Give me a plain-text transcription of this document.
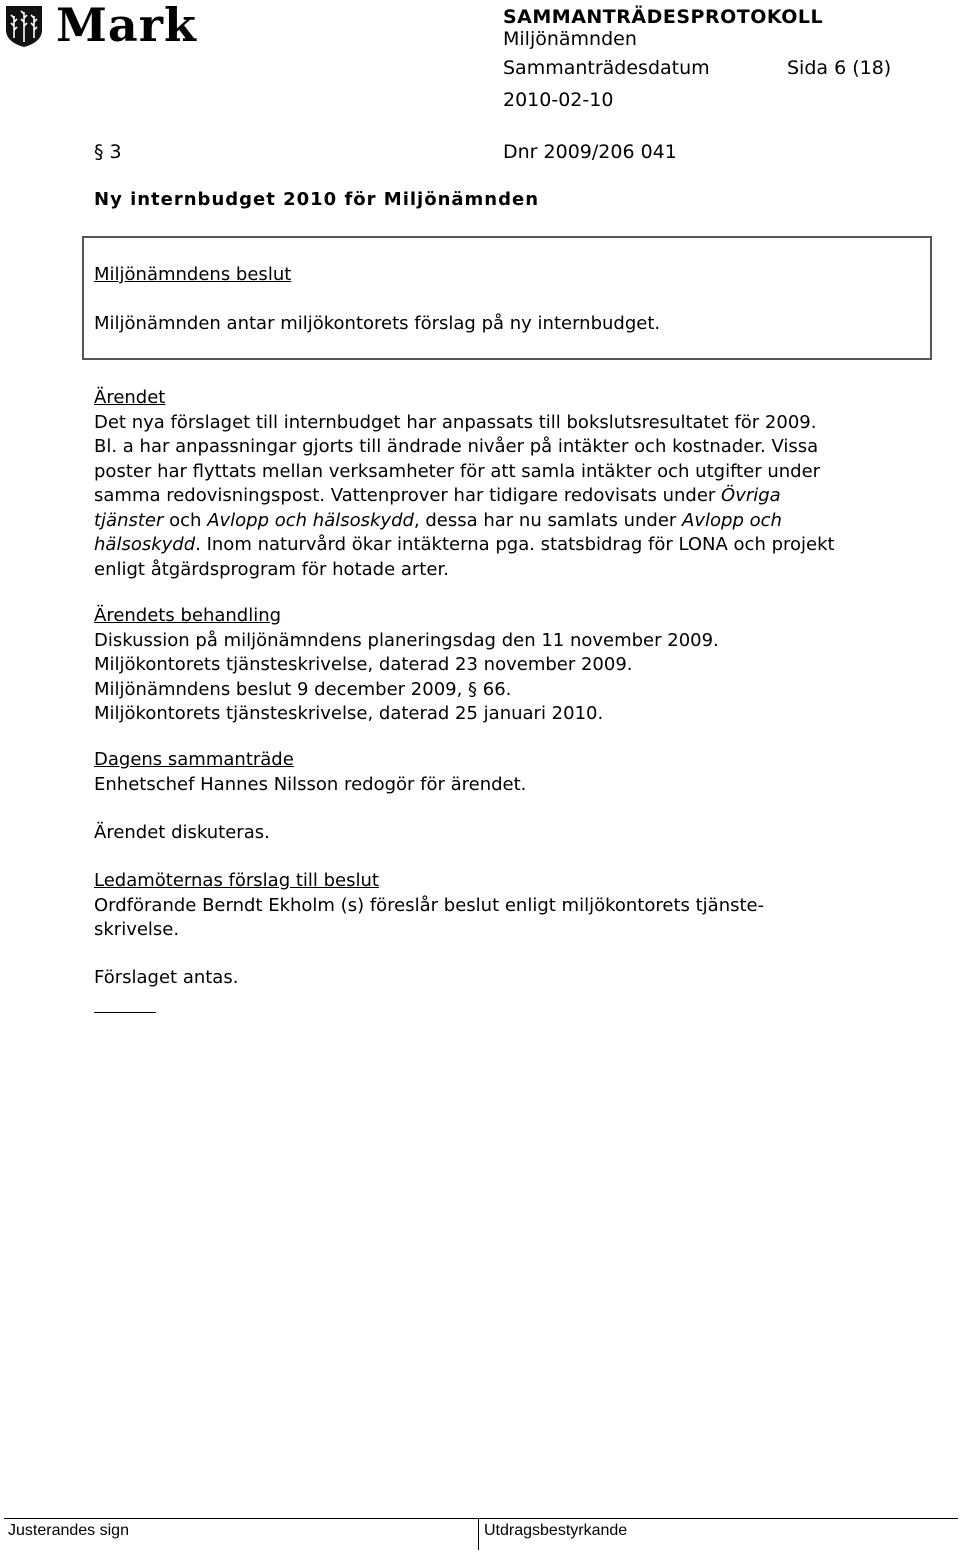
Mark	SAMMANTRÄDESPROTOKOLL
Miljönämnden
Sammanträdesdatum	Sida 6 (18)
2010-02-10
§ 3	Dnr 2009/206 041
Ny internbudget 2010 för Miljönämnden
Miljönämndens beslut
Miljönämnden antar miljökontorets förslag på ny internbudget.
Ärendet
Det nya förslaget till internbudget har anpassats till bokslutsresultatet för 2009.
Bl. a har anpassningar gjorts till ändrade nivåer på intäkter och kostnader. Vissa
poster har flyttats mellan verksamheter för att samla intäkter och utgifter under
samma redovisningspost. Vattenprover har tidigare redovisats under Övriga
tjänster och Avlopp och hälsoskydd, dessa har nu samlats under Avlopp och
hälsoskydd. Inom naturvård ökar intäkterna pga. statsbidrag för LONA och projekt
enligt åtgärdsprogram för hotade arter.
Ärendets behandling
Diskussion på miljönämndens planeringsdag den 11 november 2009.
Miljökontorets tjänsteskrivelse, daterad 23 november 2009.
Miljönämndens beslut 9 december 2009, § 66.
Miljökontorets tjänsteskrivelse, daterad 25 januari 2010.
Dagens sammanträde
Enhetschef Hannes Nilsson redogör för ärendet.
Ärendet diskuteras.
Ledamöternas förslag till beslut
Ordförande Berndt Ekholm (s) föreslår beslut enligt miljökontorets tjänste-
skrivelse.
Förslaget antas.
Justerandes sign	Utdragsbestyrkande
